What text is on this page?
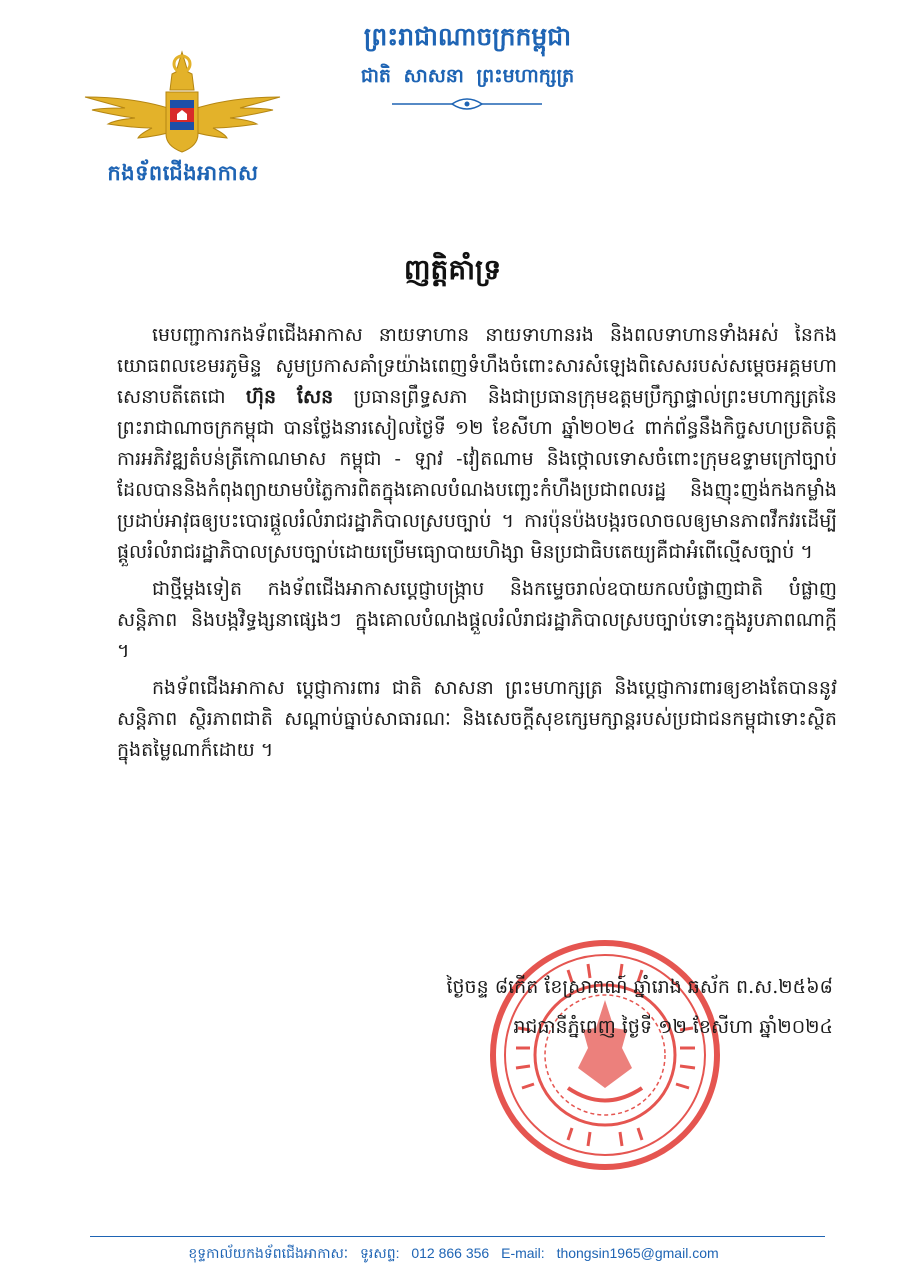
កងទ័ពជើងអាកាស
ព្រះរាជាណាចក្រកម្ពុជា
ជាតិ សាសនា ព្រះមហាក្សត្រ
ញត្តិគាំទ្រ

មេបញ្ជាការកងទ័ពជើងអាកាស នាយទាហាន នាយទាហានរង និងពលទាហានទាំងអស់ នៃកងយោធពលខេមរភូមិន្ទ សូមប្រកាសគាំទ្រយ៉ាងពេញទំហឹងចំពោះសារសំឡេងពិសេសរបស់សម្ដេចអគ្គមហាសេនាបតីតេជោ ហ៊ុន សែន ប្រធានព្រឹទ្ធសភា និងជាប្រធានក្រុមឧត្តមប្រឹក្សាផ្ទាល់ព្រះមហាក្សត្រនៃព្រះរាជាណាចក្រកម្ពុជា បានថ្លែងនារសៀលថ្ងៃទី ១២ ខែសីហា ឆ្នាំ២០២៤ ពាក់ព័ន្ធនឹងកិច្ចសហប្រតិបត្តិការអភិវឌ្ឍតំបន់ត្រីកោណមាស កម្ពុជា - ឡាវ -វៀតណាម និងថ្កោលទោសចំពោះក្រុមឧទ្ទាមក្រៅច្បាប់ដែលបាននិងកំពុងព្យាយាមបំភ្លៃការពិតក្នុងគោលបំណងបញ្ឆេះកំហឹងប្រជាពលរដ្ឋ និងញុះញង់កងកម្លាំងប្រដាប់អាវុធឲ្យបះបោរផ្ដួលរំលំរាជរដ្ឋាភិបាលស្របច្បាប់ ។ ការប៉ុនប៉ងបង្ករចលាចលឲ្យមានភាពវឹកវរដើម្បីផ្ដួលរំលំរាជរដ្ឋាភិបាលស្របច្បាប់ដោយប្រើមធ្យោបាយហិង្សា មិនប្រជាធិបតេយ្យគឺជាអំពើល្មើសច្បាប់ ។

ជាថ្មីម្ដងទៀត កងទ័ពជើងអាកាសប្ដេជ្ញាបង្ក្រាប និងកម្ទេចរាល់ឧបាយកលបំផ្លាញជាតិ បំផ្លាញសន្តិភាព និងបង្កវិទ្ធង្សនាផ្សេងៗ ក្នុងគោលបំណងផ្ដួលរំលំរាជរដ្ឋាភិបាលស្របច្បាប់ទោះក្នុងរូបភាពណាក្ដី ។

កងទ័ពជើងអាកាស ប្ដេជ្ញាការពារ ជាតិ សាសនា ព្រះមហាក្សត្រ និងប្ដេជ្ញាការពារឲ្យខាងតែបាននូវសន្តិភាព ស្ថិរភាពជាតិ សណ្ដាប់ធ្នាប់សាធារណៈ និងសេចក្ដីសុខក្សេមក្សាន្តរបស់ប្រជាជនកម្ពុជាទោះស្ថិតក្នុងតម្លៃណាក៏ដោយ ។

ថ្ងៃចន្ទ ៨កើត ខែស្រាពណ៍ ឆ្នាំរោង ឆស័ក ព.ស.២៥៦៨
រាជធានីភ្នំពេញ ថ្ងៃទី ១២ ខែសីហា ឆ្នាំ២០២៤
ខុទ្ទកាល័យកងទ័ពជើងអាកាសៈ ទូរសព្ទ: 012 866 356 E-mail: thongsin1965@gmail.com
